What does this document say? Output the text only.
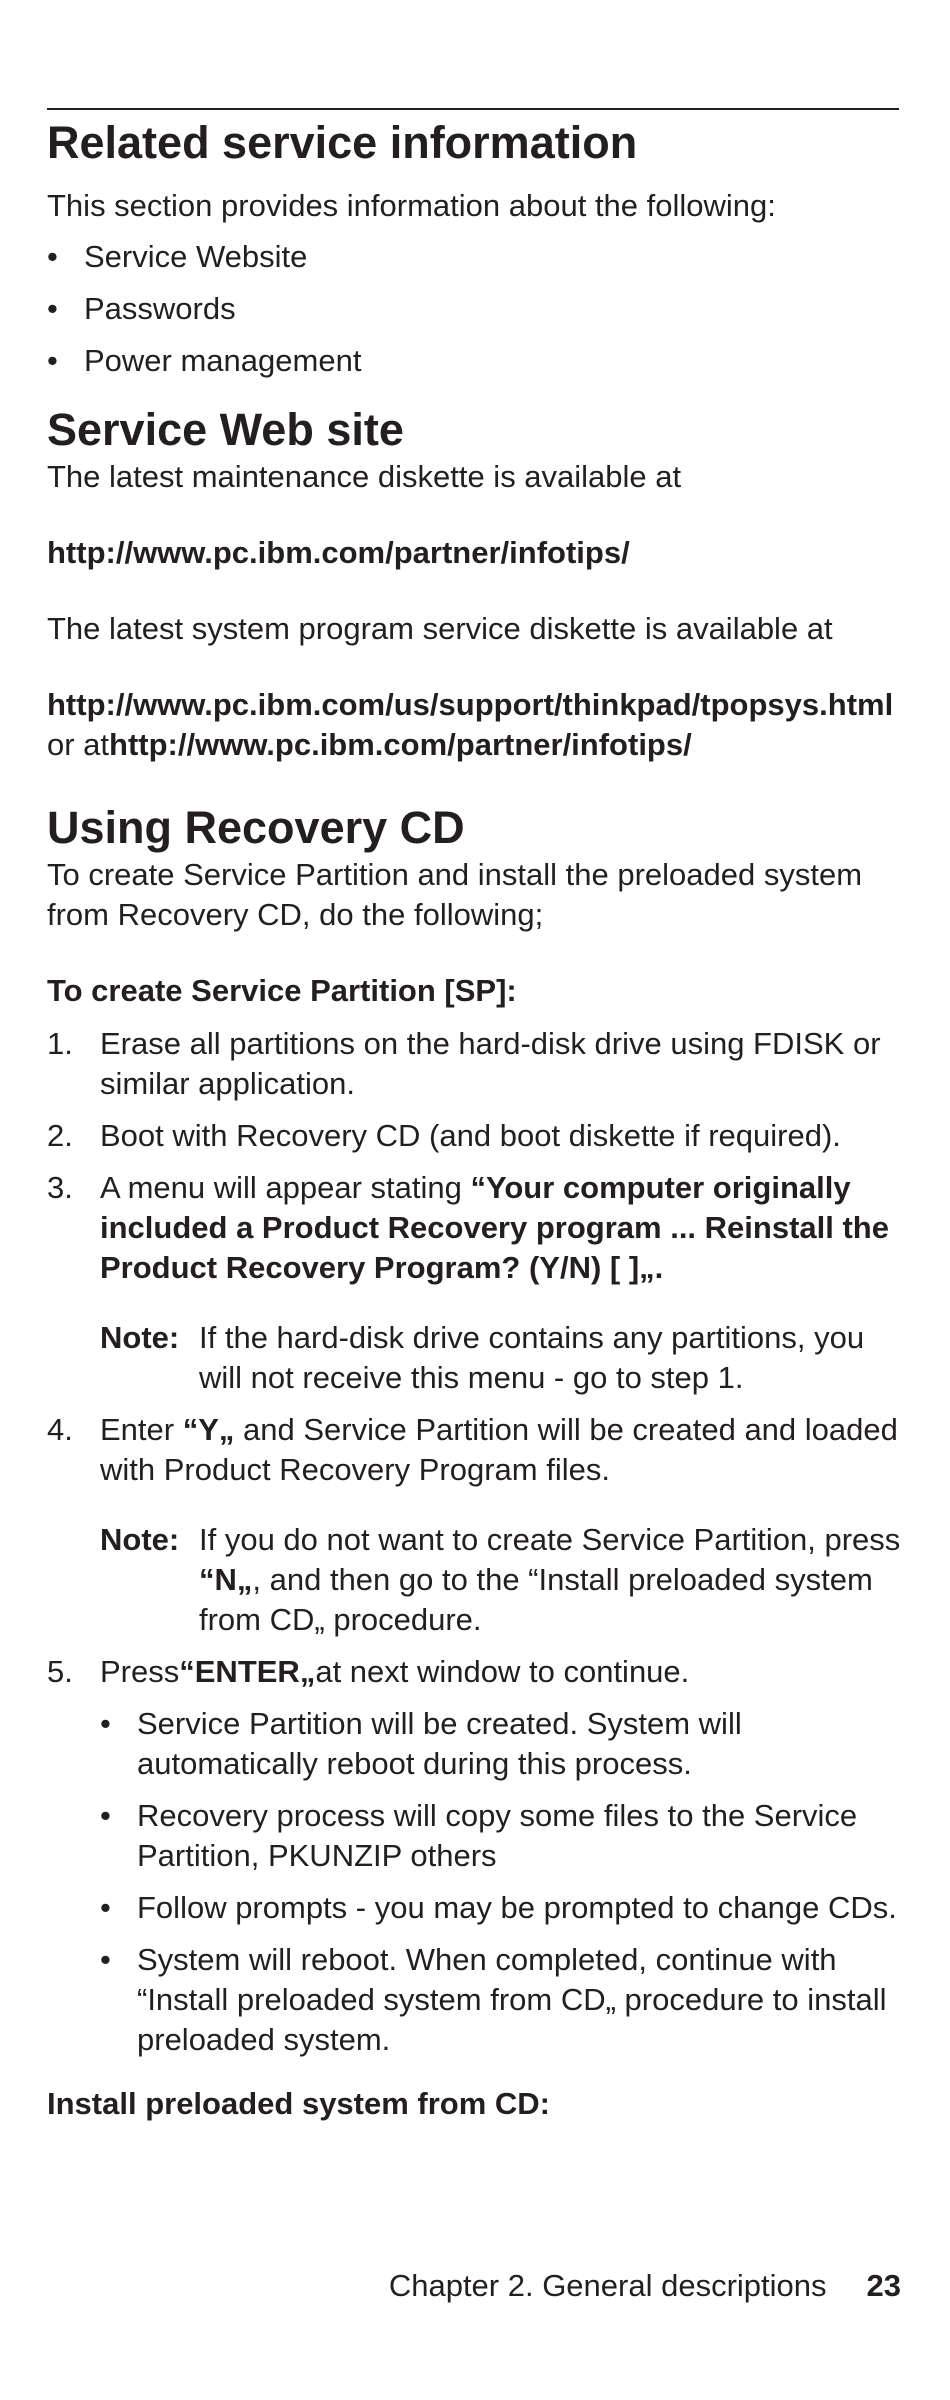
Related service information

This section provides information about the following:

• Service Website
• Passwords
• Power management
Service Web site

The latest maintenance diskette is available at

http://www.pc.ibm.com/partner/infotips/

The latest system program service diskette is available at

http://www.pc.ibm.com/us/support/thinkpad/tpopsys.html

or athttp://www.pc.ibm.com/partner/infotips/

Using Recovery CD

To create Service Partition and install the preloaded system from Recovery CD, do the following;

To create Service Partition [SP]:

1. Erase all partitions on the hard-disk drive using FDISK or similar application.
2. Boot with Recovery CD (and boot diskette if required).
3. A menu will appear stating “Your computer originally included a Product Recovery program ... Reinstall the Product Recovery Program? (Y/N) [ ]„.
Note: If the hard-disk drive contains any partitions, you will not receive this menu - go to step 1.
4. Enter “Y„ and Service Partition will be created and loaded with Product Recovery Program files.
Note: If you do not want to create Service Partition, press “N„, and then go to the “Install preloaded system from CD„ procedure.
5. Press“ENTER„at next window to continue.
• Service Partition will be created. System will automatically reboot during this process.
• Recovery process will copy some files to the Service Partition, PKUNZIP others
• Follow prompts - you may be prompted to change CDs.
• System will reboot. When completed, continue with “Install preloaded system from CD„ procedure to install preloaded system.

Install preloaded system from CD:

Chapter 2. General descriptions 23
